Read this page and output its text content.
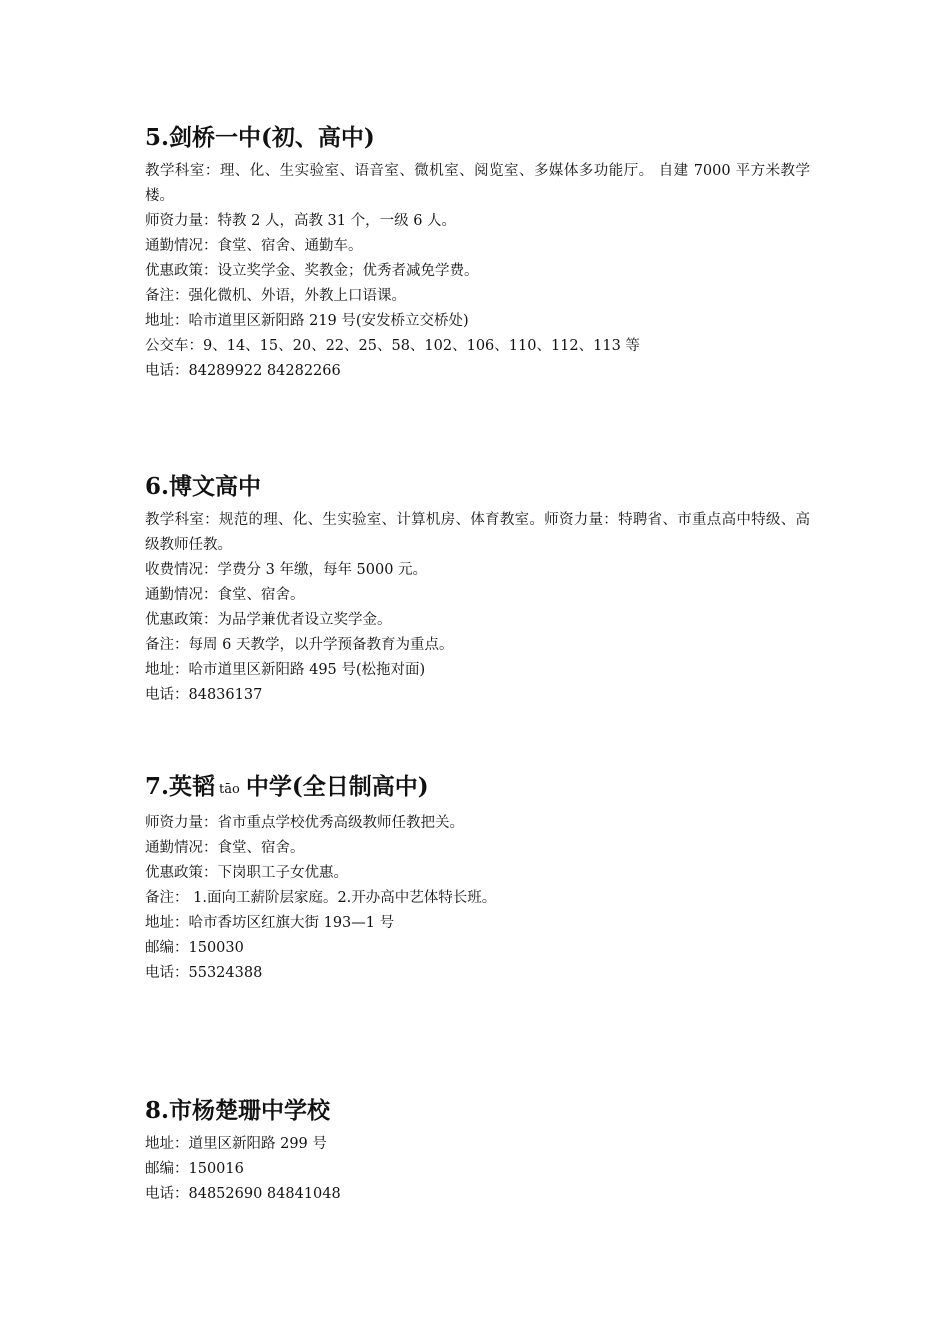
5.剑桥一中(初、高中)

教学科室：理、化、生实验室、语音室、微机室、阅览室、多媒体多功能厅。 自建 7000 平方米教学楼。

师资力量：特教 2 人，高教 31 个，一级 6 人。

通勤情况：食堂、宿舍、通勤车。

优惠政策：设立奖学金、奖教金；优秀者减免学费。

备注：强化微机、外语，外教上口语课。

地址：哈市道里区新阳路 219 号(安发桥立交桥处)

公交车：9、14、15、20、22、25、58、102、106、110、112、113 等

电话：84289922 84282266

6.博文高中

教学科室：规范的理、化、生实验室、计算机房、体育教室。师资力量：特聘省、市重点高中特级、高级教师任教。

收费情况：学费分 3 年缴，每年 5000 元。

通勤情况：食堂、宿舍。

优惠政策：为品学兼优者设立奖学金。

备注：每周 6 天教学，以升学预备教育为重点。

地址：哈市道里区新阳路 495 号(松拖对面)

电话：84836137

7.英韬 tāo 中学(全日制高中)

师资力量：省市重点学校优秀高级教师任教把关。

通勤情况：食堂、宿舍。

优惠政策：下岗职工子女优惠。

备注： 1.面向工薪阶层家庭。2.开办高中艺体特长班。

地址：哈市香坊区红旗大街 193—1 号

邮编：150030

电话：55324388

8.市杨楚珊中学校

地址：道里区新阳路 299 号

邮编：150016

电话：84852690 84841048
